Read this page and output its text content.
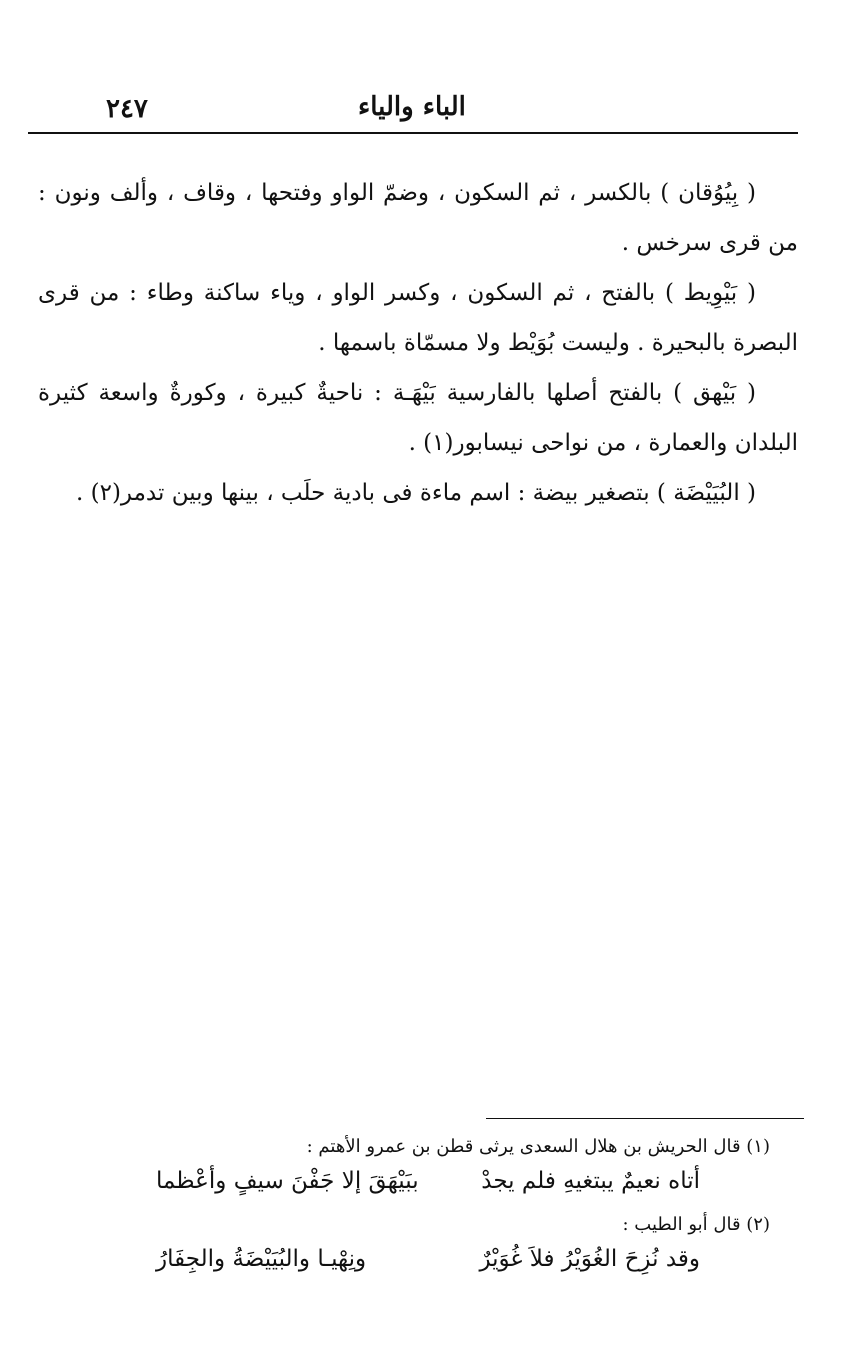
٢٤٧	الباء والياء

( بِيُوُقان ) بالكسر ، ثم السكون ، وضمّ الواو وفتحها ، وقاف ، وألف ونون : من قرى سرخس .

( بَيْوِيط ) بالفتح ، ثم السكون ، وكسر الواو ، وياء ساكنة وطاء : من قرى البصرة بالبحيرة . وليست بُوَيْط ولا مسمّاة باسمها .

( بَيْهق ) بالفتح أصلها بالفارسية بَيْهَـة : ناحيةٌ كبيرة ، وكورةٌ واسعة كثيرة البلدان والعمارة ، من نواحى نيسابور(١) .

( البُيَيْضَة ) بتصغير بيضة : اسم ماءة فى بادية حلَب ، بينها وبين تدمر(٢) .

(١) قال الحريش بن هلال السعدى يرثى قطن بن عمرو الأهتم :

أتاه نعيمٌ يبتغيهِ فلم يجدْ
ببَيْهَقَ إلا جَفْنَ سيفٍ وأعْظما

(٢) قال أبو الطيب :

وقد نُزِحَ الغُوَيْرُ فلاَ غُوَيْرٌ
ونِهْيـا والبُيَيْضَةُ والجِفَارُ
